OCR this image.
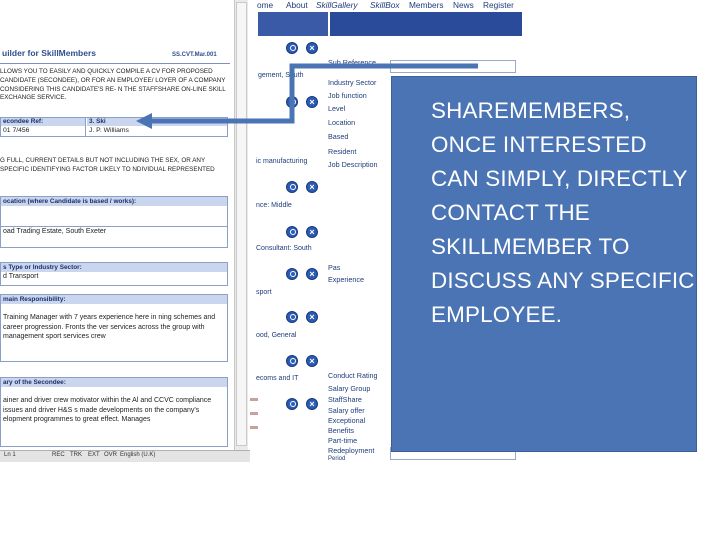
uilder for SkillMembers	SS.CVT.Mar.001
LLOWS YOU TO EASILY AND QUICKLY COMPILE A CV FOR PROPOSED CANDIDATE (SECONDEE), OR FOR AN EMPLOYEE/ LOYER OF A COMPANY CONSIDERING THIS CANDIDATE'S RE- N THE STAFFSHARE ON-LINE SKILL EXCHANGE SERVICE.
econdee Ref:
01 7/456
3. Ski
J. P. Williams
G FULL, CURRENT DETAILS BUT NOT INCLUDING THE SEX, OR ANY SPECIFIC IDENTIFYING FACTOR LIKELY TO NDIVIDUAL REPRESENTED
ocation (where Candidate is based / works):
oad Trading Estate, South Exeter
s Type or Industry Sector:
d Transport
main Responsibility:
Training Manager with 7 years experience here in ning schemes and career progression. Fronts the ver services across the group with management sport services crew
ary of the Secondee:
ainer and driver crew motivator within the Al and CCVC compliance issues and driver H&S s made developments on the company's elopment programmes to great effect. Manages
Ln 1	REC TRK EXT OVR English (U.K)
ome About SkillGallery SkillBox Members News Register
×
Sub Reference
gement, South
×
ic manufacturing
×
nce: Middle
×
Consultant: South
×
sport
×
ood, General
×
ecoms and IT
×
Industry Sector
Job function
Level
Location
Based
Resident
Job Description
Pas
Experience
Conduct Rating
Salary Group
StaffShare
Salary offer
Exceptional
Benefits
Part-time
Redeployment
Period
SHAREMEMBERS, ONCE INTERESTED CAN SIMPLY, DIRECTLY CONTACT THE SKILLMEMBER TO DISCUSS ANY SPECIFIC EMPLOYEE.
